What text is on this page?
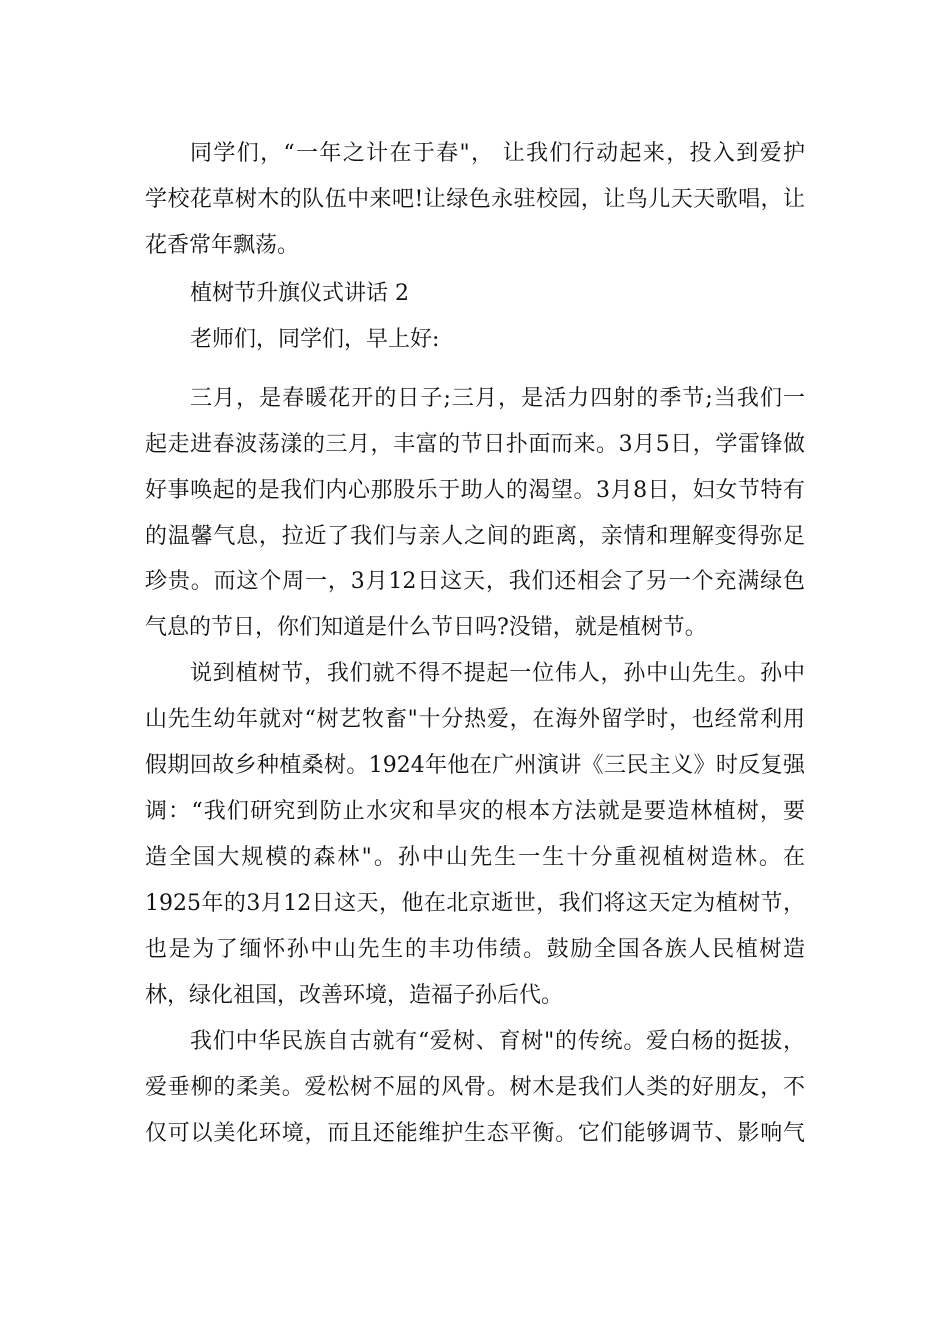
同学们，“一年之计在于春"， 让我们行动起来，投入到爱护
学校花草树木的队伍中来吧!让绿色永驻校园，让鸟儿天天歌唱，让
花香常年飘荡。
植树节升旗仪式讲话 2
老师们，同学们，早上好:
三月，是春暖花开的日子;三月，是活力四射的季节;当我们一
起走进春波荡漾的三月，丰富的节日扑面而来。3月5日，学雷锋做
好事唤起的是我们内心那股乐于助人的渴望。3月8日，妇女节特有
的温馨气息，拉近了我们与亲人之间的距离，亲情和理解变得弥足
珍贵。而这个周一，3月12日这天，我们还相会了另一个充满绿色
气息的节日，你们知道是什么节日吗?没错，就是植树节。
说到植树节，我们就不得不提起一位伟人，孙中山先生。孙中
山先生幼年就对“树艺牧畜"十分热爱，在海外留学时，也经常利用
假期回故乡种植桑树。1924年他在广州演讲《三民主义》时反复强
调：“我们研究到防止水灾和旱灾的根本方法就是要造林植树，要
造全国大规模的森林"。孙中山先生一生十分重视植树造林。在
1925年的3月12日这天，他在北京逝世，我们将这天定为植树节，
也是为了缅怀孙中山先生的丰功伟绩。鼓励全国各族人民植树造
林，绿化祖国，改善环境，造福子孙后代。
我们中华民族自古就有“爱树、育树"的传统。爱白杨的挺拔，
爱垂柳的柔美。爱松树不屈的风骨。树木是我们人类的好朋友，不
仅可以美化环境，而且还能维护生态平衡。它们能够调节、影响气
